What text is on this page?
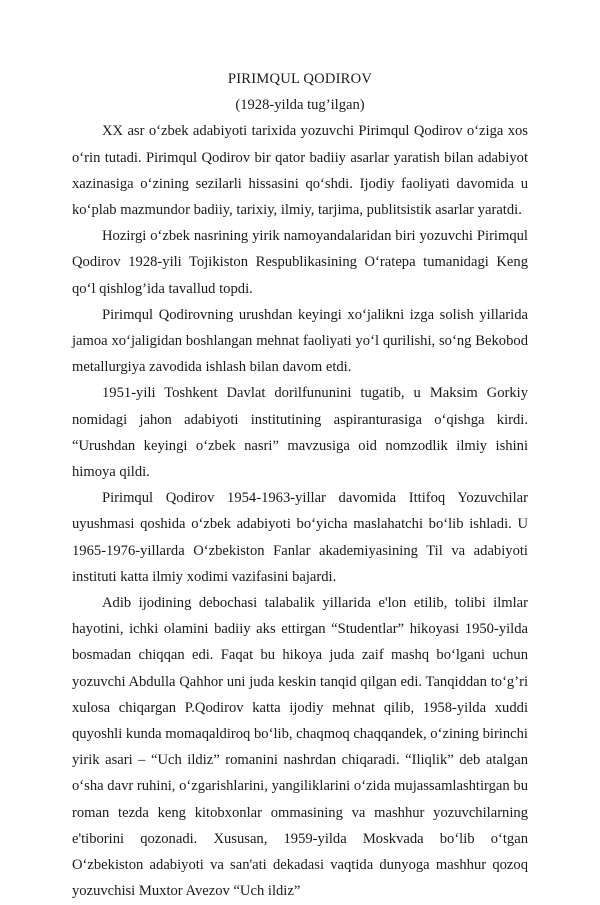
PIRIMQUL QODIROV

(1928-yilda tug’ilgan)

XX asr o‘zbek adabiyoti tarixida yozuvchi Pirimqul Qodirov o‘ziga xos o‘rin tutadi. Pirimqul Qodirov bir qator badiiy asarlar yaratish bilan adabiyot xazinasiga o‘zining sezilarli hissasini qo‘shdi. Ijodiy faoliyati davomida u ko‘plab mazmundor badiiy, tarixiy, ilmiy, tarjima, publitsistik asarlar yaratdi.

Hozirgi o‘zbek nasrining yirik namoyandalaridan biri yozuvchi Pirimqul Qodirov 1928-yili Tojikiston Respublikasining O‘ratepa tumanidagi Keng qo‘l qishlog’ida tavallud topdi.

Pirimqul Qodirovning urushdan keyingi xo‘jalikni izga solish yillarida jamoa xo‘jaligidan boshlangan mehnat faoliyati yo‘l qurilishi, so‘ng Bekobod metallurgiya zavodida ishlash bilan davom etdi.

1951-yili Toshkent Davlat dorilfununini tugatib, u Maksim Gorkiy nomidagi jahon adabiyoti institutining aspiranturasiga o‘qishga kirdi. “Urushdan keyingi o‘zbek nasri” mavzusiga oid nomzodlik ilmiy ishini himoya qildi.

Pirimqul Qodirov 1954-1963-yillar davomida Ittifoq Yozuvchilar uyushmasi qoshida o‘zbek adabiyoti bo‘yicha maslahatchi bo‘lib ishladi. U 1965-1976-yillarda O‘zbekiston Fanlar akademiyasining Til va adabiyoti instituti katta ilmiy xodimi vazifasini bajardi.

Adib ijodining debochasi talabalik yillarida e'lon etilib, tolibi ilmlar hayotini, ichki olamini badiiy aks ettirgan “Studentlar” hikoyasi 1950-yilda bosmadan chiqqan edi. Faqat bu hikoya juda zaif mashq bo‘lgani uchun yozuvchi Abdulla Qahhor uni juda keskin tanqid qilgan edi. Tanqiddan to‘g’ri xulosa chiqargan P.Qodirov katta ijodiy mehnat qilib, 1958-yilda xuddi quyoshli kunda momaqaldiroq bo‘lib, chaqmoq chaqqandek, o‘zining birinchi yirik asari – “Uch ildiz” romanini nashrdan chiqaradi. “Iliqlik” deb atalgan o‘sha davr ruhini, o‘zgarishlarini, yangiliklarini o‘zida mujassamlashtirgan bu roman tezda keng kitobxonlar ommasining va mashhur yozuvchilarning e'tiborini qozonadi. Xususan, 1959-yilda Moskvada bo‘lib o‘tgan O‘zbekiston adabiyoti va san'ati dekadasi vaqtida dunyoga mashhur qozoq yozuvchisi Muxtor Avezov “Uch ildiz”
